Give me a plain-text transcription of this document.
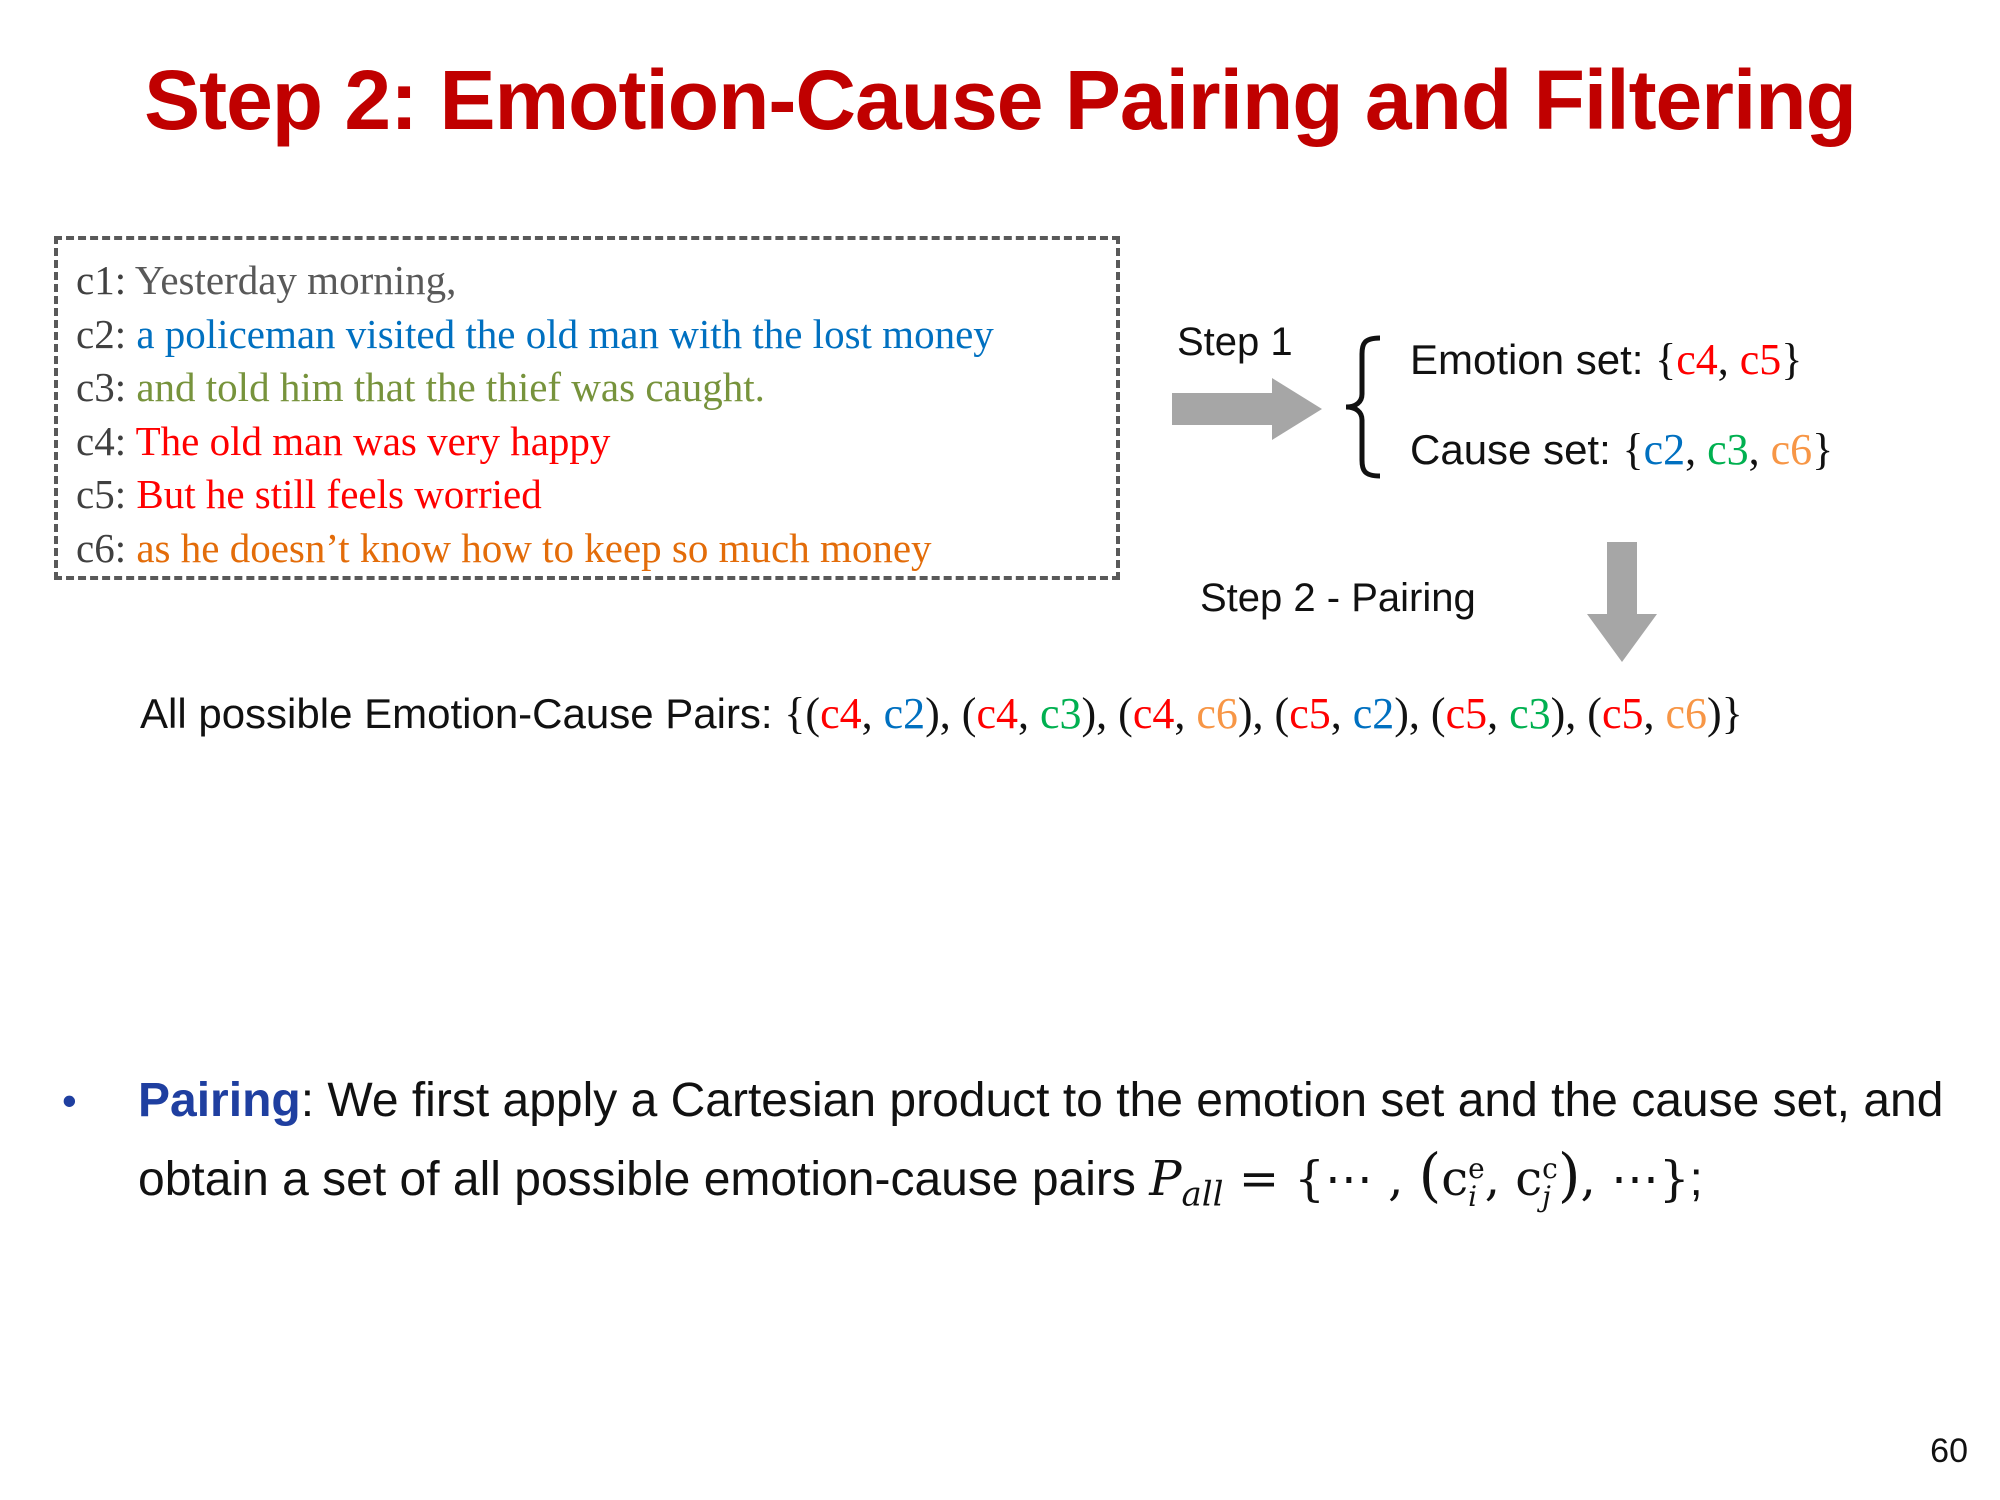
Step 2: Emotion-Cause Pairing and Filtering
c1: Yesterday morning,
c2: a policeman visited the old man with the lost money
c3: and told him that the thief was caught.
c4: The old man was very happy
c5: But he still feels worried
c6: as he doesn’t know how to keep so much money
Step 1	Emotion set: {c4, c5}
Cause set: {c2, c3, c6}
Step 2 - Pairing
All possible Emotion-Cause Pairs: {(c4, c2), (c4, c3), (c4, c6), (c5, c2), (c5, c3), (c5, c6)}
• Pairing: We first apply a Cartesian product to the emotion set and the cause set, and obtain a set of all possible emotion-cause pairs $P_{all}$ = {⋯ , (c e
i , c c
j ), ⋯};
60
